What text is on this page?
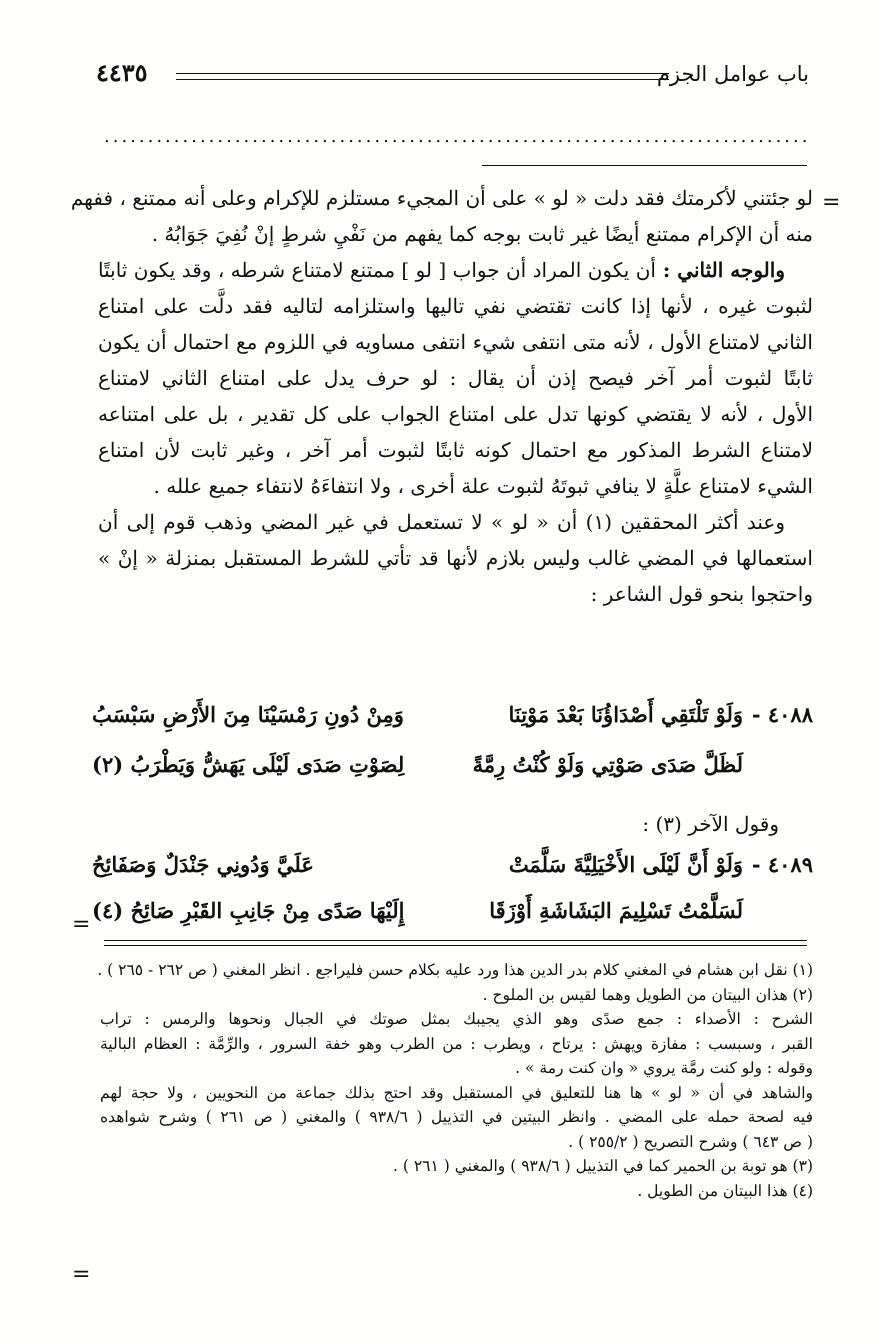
باب عوامل الجزم
٤٤٣٥
.................................................................................
=
=
=
لو جئتني لأكرمتك فقد دلت « لو » على أن المجيء مستلزم للإكرام وعلى أنه ممتنع ، ففهم
منه أن الإكرام ممتنع أيضًا غير ثابت بوجه كما يفهم من نَفْيِ شرطٍ إنْ نُفِيَ جَوَابُهُ .
والوجه الثاني : أن يكون المراد أن جواب [ لو ] ممتنع لامتناع شرطه ، وقد يكون ثابتًا
لثبوت غيره ، لأنها إذا كانت تقتضي نفي تاليها واستلزامه لتاليه فقد دلَّت على امتناع
الثاني لامتناع الأول ، لأنه متى انتفى شيء انتفى مساويه في اللزوم مع احتمال أن يكون
ثابتًا لثبوت أمر آخر فيصح إذن أن يقال : لو حرف يدل على امتناع الثاني لامتناع
الأول ، لأنه لا يقتضي كونها تدل على امتناع الجواب على كل تقدير ، بل على امتناعه
لامتناع الشرط المذكور مع احتمال كونه ثابتًا لثبوت أمر آخر ، وغير ثابت لأن امتناع
الشيء لامتناع علَّةٍ لا ينافي ثبوتَهُ لثبوت علة أخرى ، ولا انتفاءَهُ لانتفاء جميع علله .
وعند أكثر المحققين (١) أن « لو » لا تستعمل في غير المضي وذهب قوم إلى أن
استعمالها في المضي غالب وليس بلازم لأنها قد تأتي للشرط المستقبل بمنزلة « إنْ »
واحتجوا بنحو قول الشاعر :
٤٠٨٨ -
وَلَوْ تَلْتَقِي أَصْدَاؤُنَا بَعْدَ مَوْتِنَا
وَمِنْ دُونِ رَمْسَيْنَا مِنَ الأَرْضِ سَبْسَبُ
لَظَلَّ صَدَى صَوْتِي وَلَوْ كُنْتُ رِمَّةً
لِصَوْتِ صَدَى لَيْلَى يَهَشُّ وَيَطْرَبُ (٢)
وقول الآخر (٣) :
٤٠٨٩ -
وَلَوْ أَنَّ لَيْلَى الأَخْيَلِيَّةَ سَلَّمَتْ
عَلَيَّ وَدُونِي جَنْدَلٌ وَصَفَائِحُ
لَسَلَّمْتُ تَسْلِيمَ البَشَاشَةِ أَوْزَقَا
إِلَيْهَا صَدًى مِنْ جَانِبِ القَبْرِ صَائِحُ (٤)
(١) نقل ابن هشام في المغني كلام بدر الدين هذا ورد عليه بكلام حسن فليراجع . انظر المغني ( ص ٢٦٢ - ٢٦٥ ) .
(٢) هذان البيتان من الطويل وهما لقيس بن الملوح .
الشرح : الأصداء : جمع صدًى وهو الذي يجيبك بمثل صوتك في الجبال ونحوها والرمس : تراب
القبر ، وسبسب : مفازة ويهش : يرتاح ، ويطرب : من الطرب وهو خفة السرور ، والرِّمَّة : العظام البالية
وقوله : ولو كنت رمَّة يروي « وان كنت رمة » .
والشاهد في أن « لو » ها هنا للتعليق في المستقبل وقد احتج بذلك جماعة من النحويين ، ولا حجة لهم
فيه لصحة حمله على المضي . وانظر البيتين في التذييل ( ٩٣٨/٦ ) والمغني ( ص ٢٦١ ) وشرح شواهده
( ص ٦٤٣ ) وشرح التصريح ( ٢٥٥/٢ ) .
(٣) هو توبة بن الحمير كما في التذييل ( ٩٣٨/٦ ) والمغني ( ٢٦١ ) .
(٤) هذا البيتان من الطويل .
